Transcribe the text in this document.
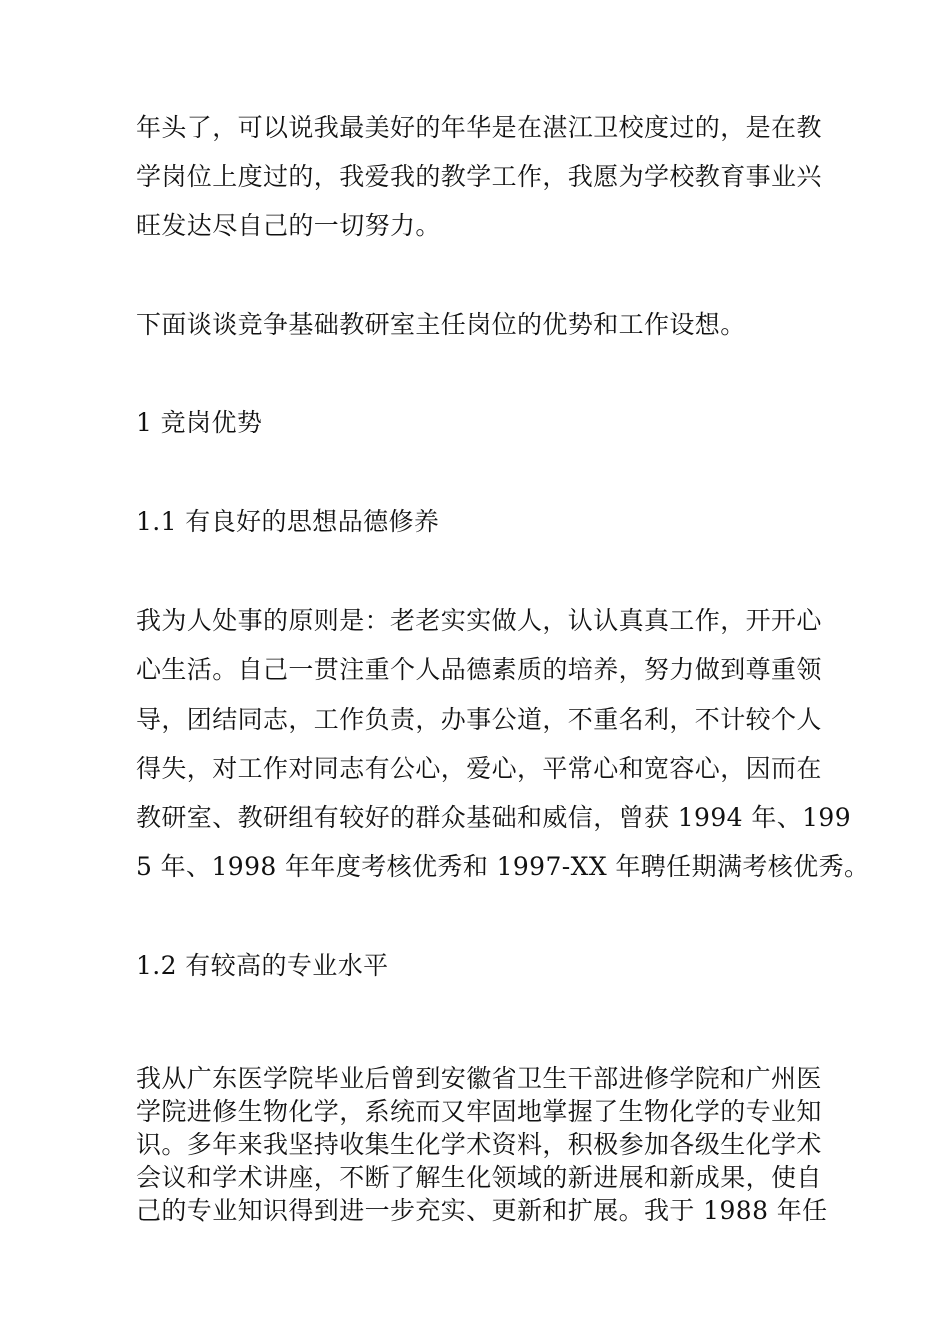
年头了，可以说我最美好的年华是在湛江卫校度过的，是在教
学岗位上度过的，我爱我的教学工作，我愿为学校教育事业兴
旺发达尽自己的一切努力。
下面谈谈竞争基础教研室主任岗位的优势和工作设想。
1 竞岗优势
1.1 有良好的思想品德修养
我为人处事的原则是：老老实实做人，认认真真工作，开开心
心生活。自己一贯注重个人品德素质的培养，努力做到尊重领
导，团结同志，工作负责，办事公道，不重名利，不计较个人
得失，对工作对同志有公心，爱心，平常心和宽容心，因而在
教研室、教研组有较好的群众基础和威信，曾获 1994 年、199
5 年、1998 年年度考核优秀和 1997-XX 年聘任期满考核优秀。
1.2 有较高的专业水平
我从广东医学院毕业后曾到安徽省卫生干部进修学院和广州医
学院进修生物化学，系统而又牢固地掌握了生物化学的专业知
识。多年来我坚持收集生化学术资料，积极参加各级生化学术
会议和学术讲座，不断了解生化领域的新进展和新成果，使自
己的专业知识得到进一步充实、更新和扩展。我于 1988 年任
